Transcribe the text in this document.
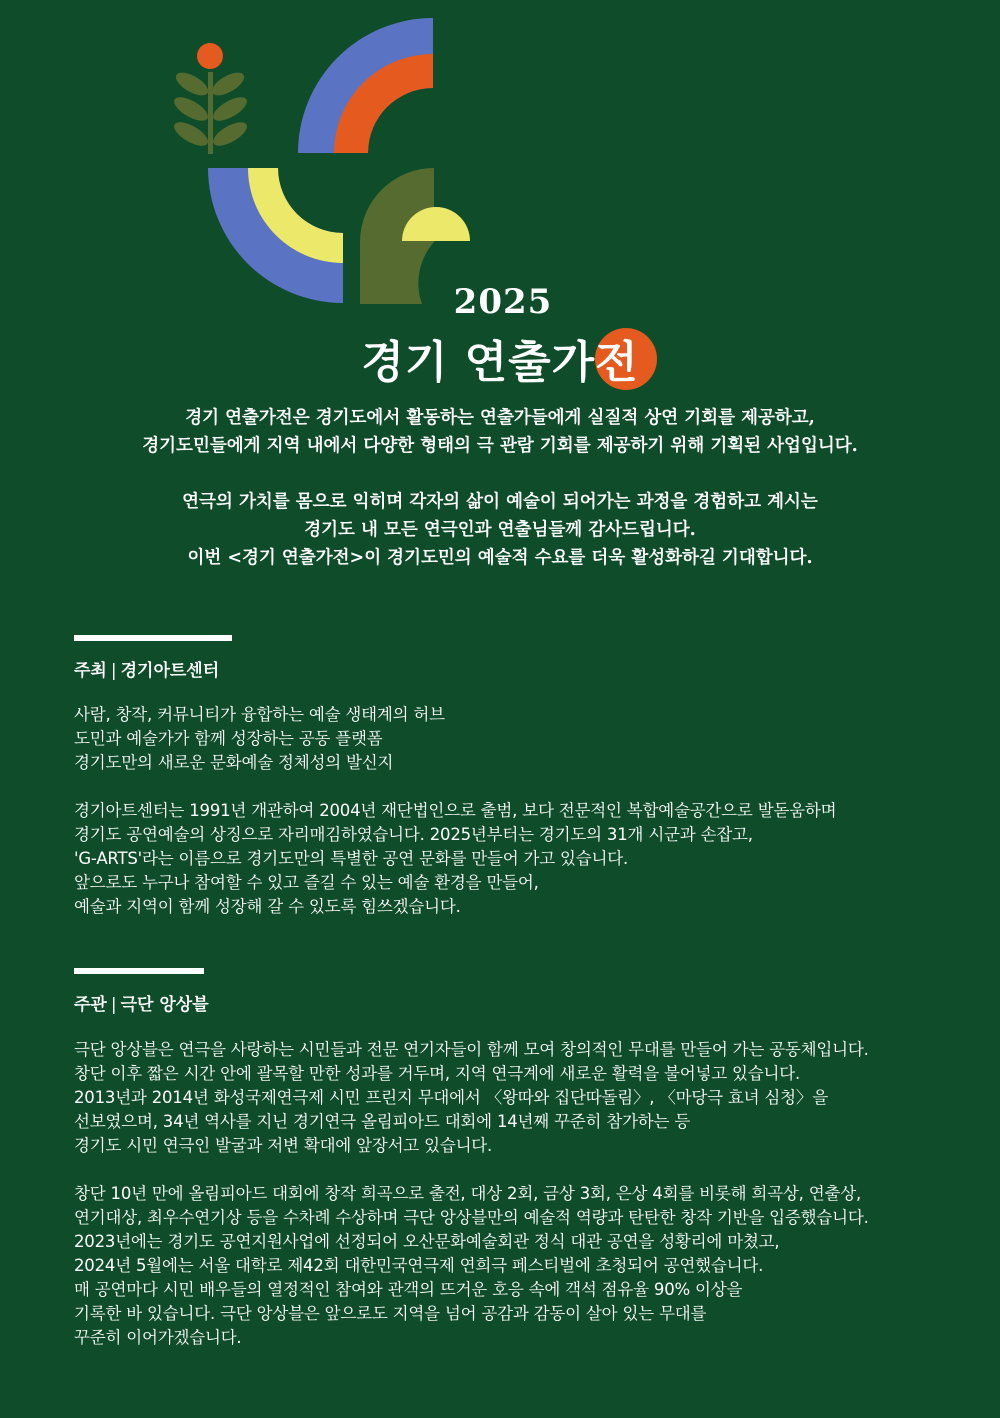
2025
경기 연출가전

경기 연출가전은 경기도에서 활동하는 연출가들에게 실질적 상연 기회를 제공하고,

경기도민들에게 지역 내에서 다양한 형태의 극 관람 기회를 제공하기 위해 기획된 사업입니다.

연극의 가치를 몸으로 익히며 각자의 삶이 예술이 되어가는 과정을 경험하고 계시는

경기도 내 모든 연극인과 연출님들께 감사드립니다.

이번 <경기 연출가전>이 경기도민의 예술적 수요를 더욱 활성화하길 기대합니다.

주최 | 경기아트센터

사람, 창작, 커뮤니티가 융합하는 예술 생태계의 허브

도민과 예술가가 함께 성장하는 공동 플랫폼

경기도만의 새로운 문화예술 정체성의 발신지

경기아트센터는 1991년 개관하여 2004년 재단법인으로 출범, 보다 전문적인 복합예술공간으로 발돋움하며

경기도 공연예술의 상징으로 자리매김하였습니다. 2025년부터는 경기도의 31개 시군과 손잡고,

'G-ARTS'라는 이름으로 경기도만의 특별한 공연 문화를 만들어 가고 있습니다.

앞으로도 누구나 참여할 수 있고 즐길 수 있는 예술 환경을 만들어,

예술과 지역이 함께 성장해 갈 수 있도록 힘쓰겠습니다.

주관 | 극단 앙상블

극단 앙상블은 연극을 사랑하는 시민들과 전문 연기자들이 함께 모여 창의적인 무대를 만들어 가는 공동체입니다.

창단 이후 짧은 시간 안에 괄목할 만한 성과를 거두며, 지역 연극계에 새로운 활력을 불어넣고 있습니다.

2013년과 2014년 화성국제연극제 시민 프린지 무대에서 〈왕따와 집단따돌림〉, 〈마당극 효녀 심청〉을

선보였으며, 34년 역사를 지닌 경기연극 올림피아드 대회에 14년째 꾸준히 참가하는 등

경기도 시민 연극인 발굴과 저변 확대에 앞장서고 있습니다.

창단 10년 만에 올림피아드 대회에 창작 희곡으로 출전, 대상 2회, 금상 3회, 은상 4회를 비롯해 희곡상, 연출상,

연기대상, 최우수연기상 등을 수차례 수상하며 극단 앙상블만의 예술적 역량과 탄탄한 창작 기반을 입증했습니다.

2023년에는 경기도 공연지원사업에 선정되어 오산문화예술회관 정식 대관 공연을 성황리에 마쳤고,

2024년 5월에는 서울 대학로 제42회 대한민국연극제 연희극 페스티벌에 초청되어 공연했습니다.

매 공연마다 시민 배우들의 열정적인 참여와 관객의 뜨거운 호응 속에 객석 점유율 90% 이상을

기록한 바 있습니다. 극단 앙상블은 앞으로도 지역을 넘어 공감과 감동이 살아 있는 무대를

꾸준히 이어가겠습니다.
